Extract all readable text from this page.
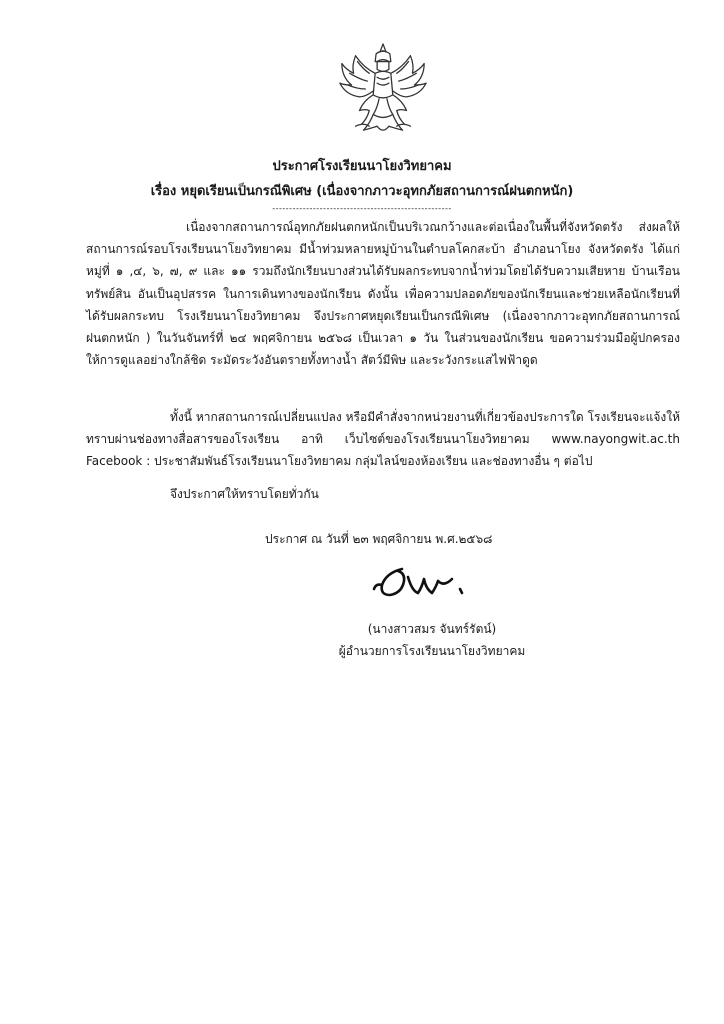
ประกาศโรงเรียนนาโยงวิทยาคม
เรื่อง หยุดเรียนเป็นกรณีพิเศษ (เนื่องจากภาวะอุทกภัยสถานการณ์ฝนตกหนัก)
-----------------------------------------------------
เนื่องจากสถานการณ์อุทกภัยฝนตกหนักเป็นบริเวณกว้างและต่อเนื่องในพื้นที่จังหวัดตรัง ส่งผลให้
สถานการณ์รอบโรงเรียนนาโยงวิทยาคม มีน้ำท่วมหลายหมู่บ้านในตำบลโคกสะบ้า อำเภอนาโยง จังหวัดตรัง ได้แก่
หมู่ที่ ๑ ,๔, ๖, ๗, ๙ และ ๑๑ รวมถึงนักเรียนบางส่วนได้รับผลกระทบจากน้ำท่วมโดยได้รับความเสียหาย บ้านเรือน
ทรัพย์สิน อันเป็นอุปสรรค ในการเดินทางของนักเรียน ดังนั้น เพื่อความปลอดภัยของนักเรียนและช่วยเหลือนักเรียนที่
ได้รับผลกระทบ โรงเรียนนาโยงวิทยาคม จึงประกาศหยุดเรียนเป็นกรณีพิเศษ (เนื่องจากภาวะอุทกภัยสถานการณ์
ฝนตกหนัก ) ในวันจันทร์ที่ ๒๔ พฤศจิกายน ๒๕๖๘ เป็นเวลา ๑ วัน ในส่วนของนักเรียน ขอความร่วมมือผู้ปกครอง
ให้การดูแลอย่างใกล้ชิด ระมัดระวังอันตรายทั้งทางน้ำ สัตว์มีพิษ และระวังกระแสไฟฟ้าดูด
ทั้งนี้ หากสถานการณ์เปลี่ยนแปลง หรือมีคำสั่งจากหน่วยงานที่เกี่ยวข้องประการใด โรงเรียนจะแจ้งให้
ทราบผ่านช่องทางสื่อสารของโรงเรียน อาทิ เว็บไซต์ของโรงเรียนนาโยงวิทยาคม www.nayongwit.ac.th
Facebook : ประชาสัมพันธ์โรงเรียนนาโยงวิทยาคม กลุ่มไลน์ของห้องเรียน และช่องทางอื่น ๆ ต่อไป
จึงประกาศให้ทราบโดยทั่วกัน
ประกาศ ณ วันที่ ๒๓ พฤศจิกายน พ.ศ.๒๕๖๘
(นางสาวสมร จันทร์รัตน์)
ผู้อำนวยการโรงเรียนนาโยงวิทยาคม
